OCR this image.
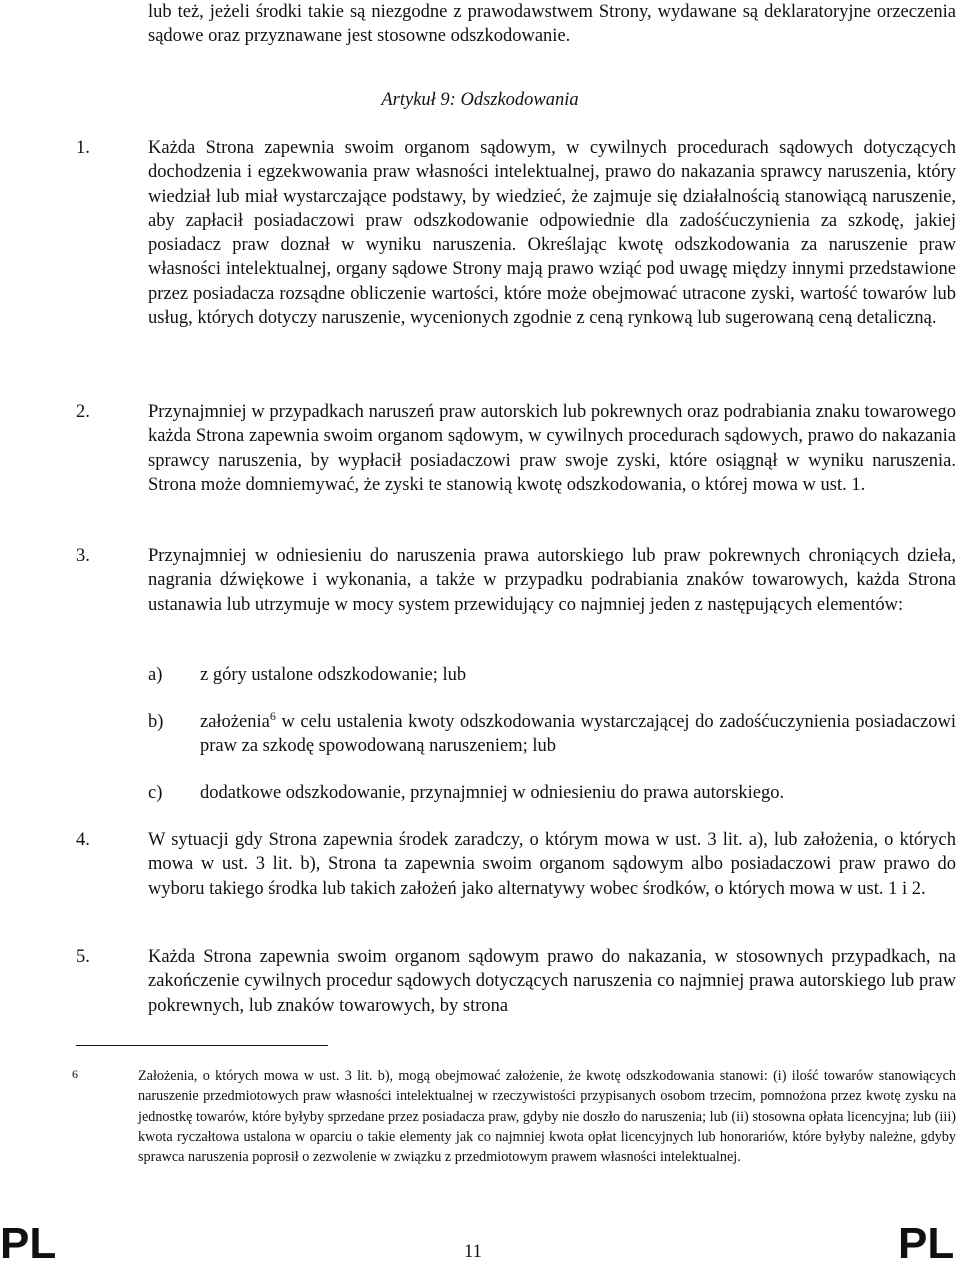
lub też, jeżeli środki takie są niezgodne z prawodawstwem Strony, wydawane są deklaratoryjne orzeczenia sądowe oraz przyznawane jest stosowne odszkodowanie.
Artykuł 9: Odszkodowania
1.	Każda Strona zapewnia swoim organom sądowym, w cywilnych procedurach sądowych dotyczących dochodzenia i egzekwowania praw własności intelektualnej, prawo do nakazania sprawcy naruszenia, który wiedział lub miał wystarczające podstawy, by wiedzieć, że zajmuje się działalnością stanowiącą naruszenie, aby zapłacił posiadaczowi praw odszkodowanie odpowiednie dla zadośćuczynienia za szkodę, jakiej posiadacz praw doznał w wyniku naruszenia. Określając kwotę odszkodowania za naruszenie praw własności intelektualnej, organy sądowe Strony mają prawo wziąć pod uwagę między innymi przedstawione przez posiadacza rozsądne obliczenie wartości, które może obejmować utracone zyski, wartość towarów lub usług, których dotyczy naruszenie, wycenionych zgodnie z ceną rynkową lub sugerowaną ceną detaliczną.
2.	Przynajmniej w przypadkach naruszeń praw autorskich lub pokrewnych oraz podrabiania znaku towarowego każda Strona zapewnia swoim organom sądowym, w cywilnych procedurach sądowych, prawo do nakazania sprawcy naruszenia, by wypłacił posiadaczowi praw swoje zyski, które osiągnął w wyniku naruszenia. Strona może domniemywać, że zyski te stanowią kwotę odszkodowania, o której mowa w ust. 1.
3.	Przynajmniej w odniesieniu do naruszenia prawa autorskiego lub praw pokrewnych chroniących dzieła, nagrania dźwiękowe i wykonania, a także w przypadku podrabiania znaków towarowych, każda Strona ustanawia lub utrzymuje w mocy system przewidujący co najmniej jeden z następujących elementów:
a) z góry ustalone odszkodowanie; lub
b) założenia$^6$ w celu ustalenia kwoty odszkodowania wystarczającej do zadośćuczynienia posiadaczowi praw za szkodę spowodowaną naruszeniem; lub
c) dodatkowe odszkodowanie, przynajmniej w odniesieniu do prawa autorskiego.
4.	W sytuacji gdy Strona zapewnia środek zaradczy, o którym mowa w ust. 3 lit. a), lub założenia, o których mowa w ust. 3 lit. b), Strona ta zapewnia swoim organom sądowym albo posiadaczowi praw prawo do wyboru takiego środka lub takich założeń jako alternatywy wobec środków, o których mowa w ust. 1 i 2.
5.	Każda Strona zapewnia swoim organom sądowym prawo do nakazania, w stosownych przypadkach, na zakończenie cywilnych procedur sądowych dotyczących naruszenia co najmniej prawa autorskiego lub praw pokrewnych, lub znaków towarowych, by strona
6	Założenia, o których mowa w ust. 3 lit. b), mogą obejmować założenie, że kwotę odszkodowania stanowi: (i) ilość towarów stanowiących naruszenie przedmiotowych praw własności intelektualnej w rzeczywistości przypisanych osobom trzecim, pomnożona przez kwotę zysku na jednostkę towarów, które byłyby sprzedane przez posiadacza praw, gdyby nie doszło do naruszenia; lub (ii) stosowna opłata licencyjna; lub (iii) kwota ryczałtowa ustalona w oparciu o takie elementy jak co najmniej kwota opłat licencyjnych lub honorariów, które byłyby należne, gdyby sprawca naruszenia poprosił o zezwolenie w związku z przedmiotowym prawem własności intelektualnej.
PL	11	PL
